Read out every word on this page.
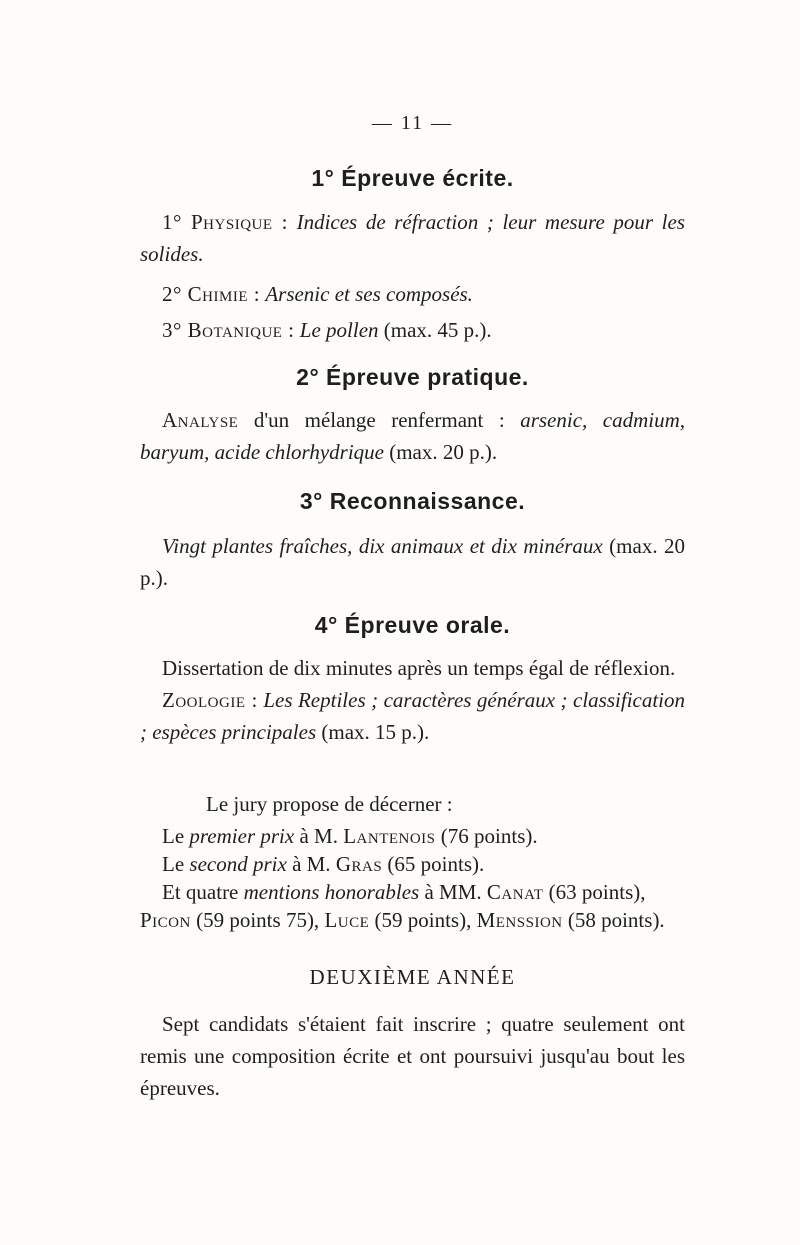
— 11 —
1° Épreuve écrite.

1° Physique : Indices de réfraction ; leur mesure pour les solides.

2° Chimie : Arsenic et ses composés.

3° Botanique : Le pollen (max. 45 p.).

2° Épreuve pratique.

Analyse d'un mélange renfermant : arsenic, cadmium, baryum, acide chlorhydrique (max. 20 p.).

3° Reconnaissance.

Vingt plantes fraîches, dix animaux et dix minéraux (max. 20 p.).

4° Épreuve orale.

Dissertation de dix minutes après un temps égal de réflexion.

Zoologie : Les Reptiles ; caractères généraux ; classification ; espèces principales (max. 15 p.).

Le jury propose de décerner :

Le premier prix à M. Lantenois (76 points).

Le second prix à M. Gras (65 points).

Et quatre mentions honorables à MM. Canat (63 points),

Picon (59 points 75), Luce (59 points), Menssion (58 points).

DEUXIÈME ANNÉE

Sept candidats s'étaient fait inscrire ; quatre seulement ont remis une composition écrite et ont poursuivi jusqu'au bout les épreuves.
